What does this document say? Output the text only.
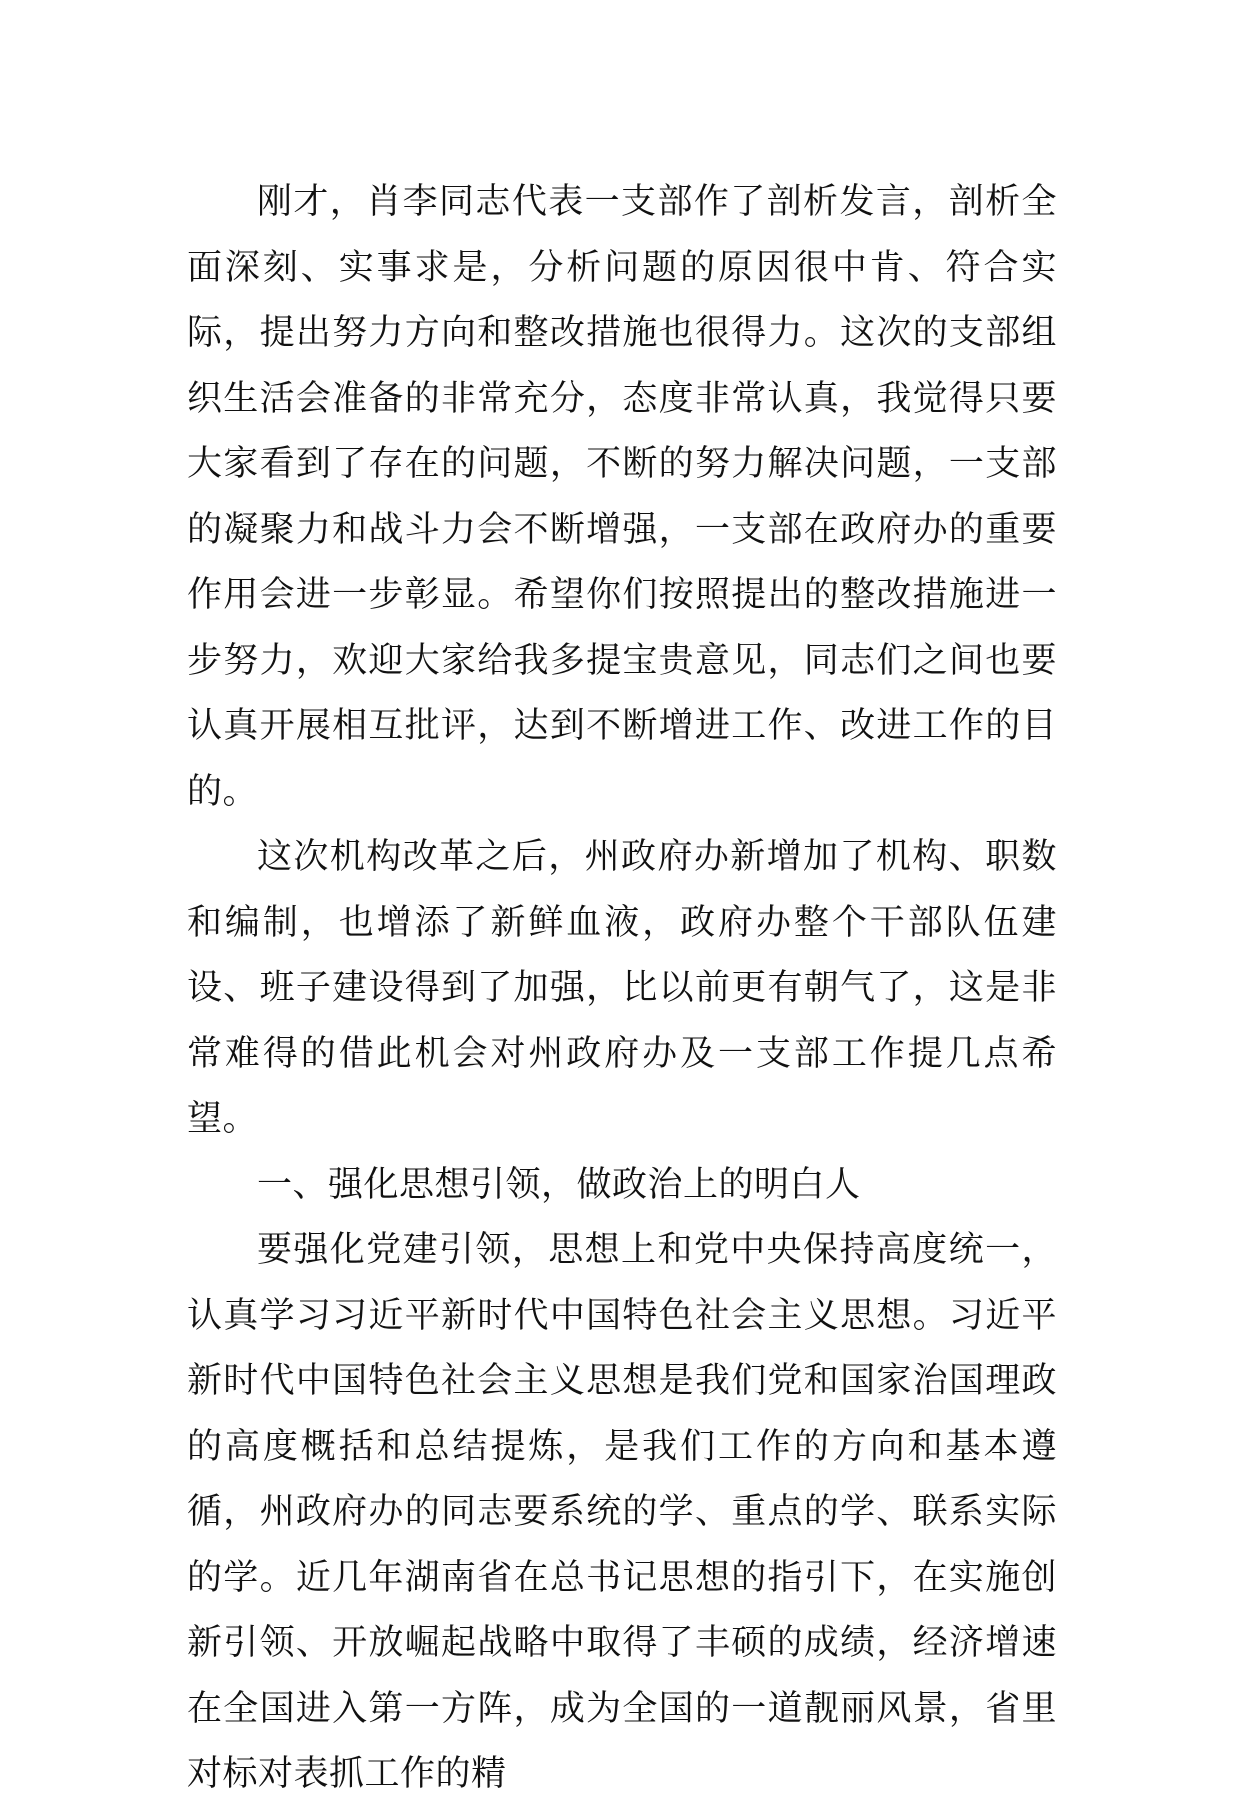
刚才，肖李同志代表一支部作了剖析发言，剖析全面深刻、实事求是，分析问题的原因很中肯、符合实际，提出努力方向和整改措施也很得力。这次的支部组织生活会准备的非常充分，态度非常认真，我觉得只要大家看到了存在的问题，不断的努力解决问题，一支部的凝聚力和战斗力会不断增强，一支部在政府办的重要作用会进一步彰显。希望你们按照提出的整改措施进一步努力，欢迎大家给我多提宝贵意见，同志们之间也要认真开展相互批评，达到不断增进工作、改进工作的目的。

这次机构改革之后，州政府办新增加了机构、职数和编制，也增添了新鲜血液，政府办整个干部队伍建设、班子建设得到了加强，比以前更有朝气了，这是非常难得的借此机会对州政府办及一支部工作提几点希望。

一、强化思想引领，做政治上的明白人

要强化党建引领，思想上和党中央保持高度统一，认真学习习近平新时代中国特色社会主义思想。习近平新时代中国特色社会主义思想是我们党和国家治国理政的高度概括和总结提炼，是我们工作的方向和基本遵循，州政府办的同志要系统的学、重点的学、联系实际的学。近几年湖南省在总书记思想的指引下，在实施创新引领、开放崛起战略中取得了丰硕的成绩，经济增速在全国进入第一方阵，成为全国的一道靓丽风景，省里对标对表抓工作的精
